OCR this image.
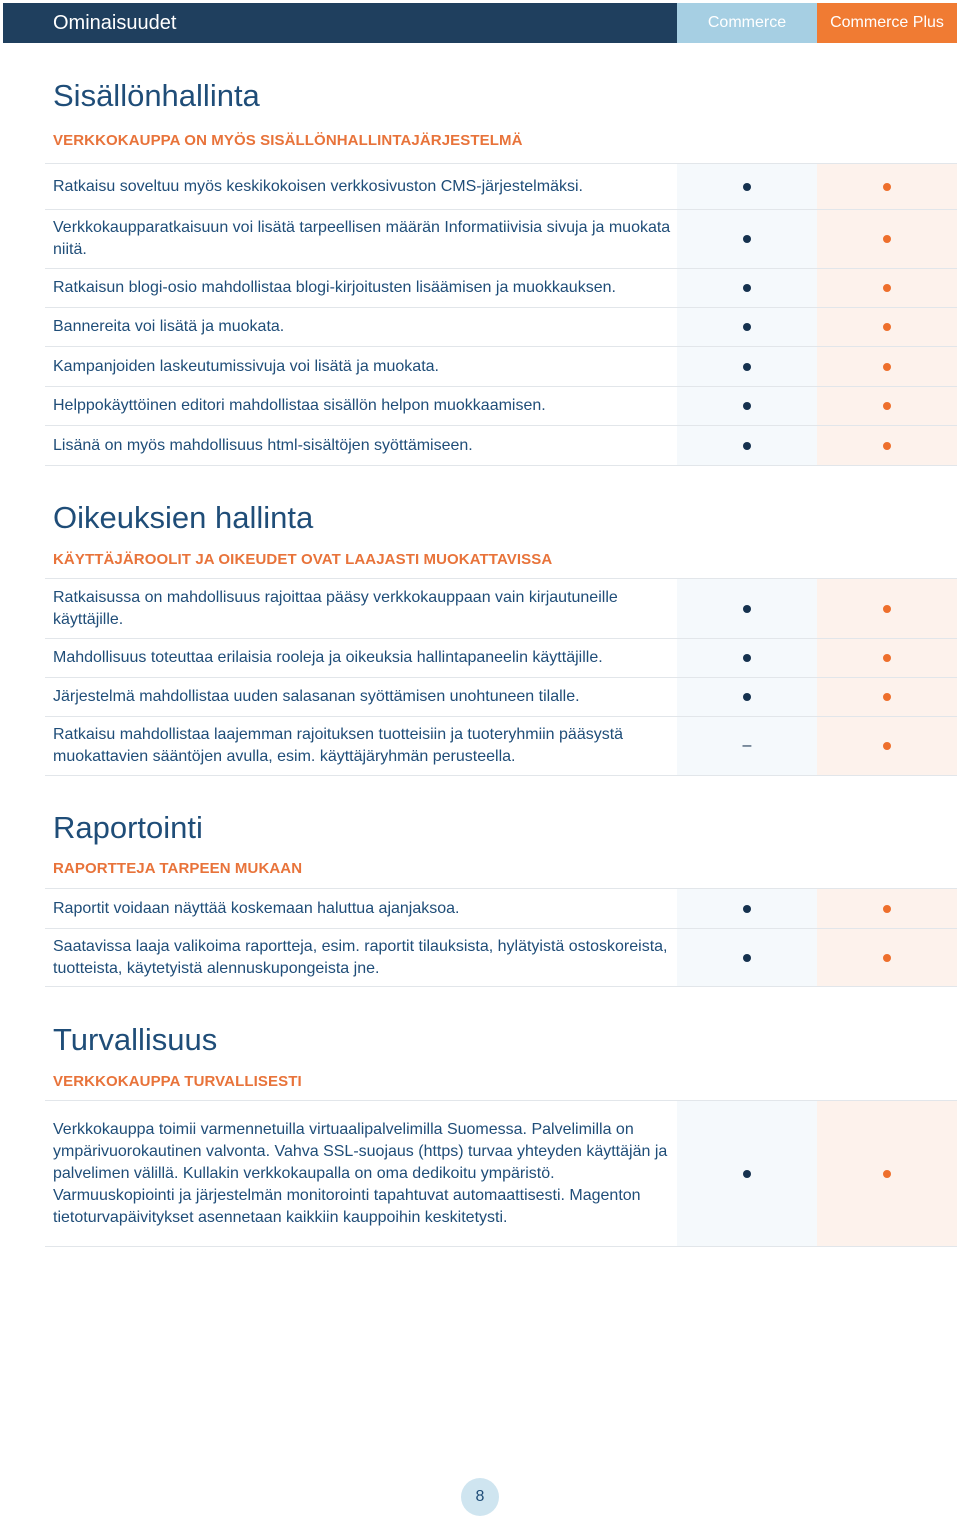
Ominaisuudet	Commerce	Commerce Plus
Sisällönhallinta
VERKKOKAUPPA ON MYÖS SISÄLLÖNHALLINTAJÄRJESTELMÄ
Ratkaisu soveltuu myös keskikokoisen verkkosivuston CMS-järjestelmäksi.
Verkkokaupparatkaisuun voi lisätä tarpeellisen määrän Informatiivisia sivuja ja muokata niitä.
Ratkaisun blogi-osio mahdollistaa blogi-kirjoitusten lisäämisen ja muokkauksen.
Bannereita voi lisätä ja muokata.
Kampanjoiden laskeutumissivuja voi lisätä ja muokata.
Helppokäyttöinen editori mahdollistaa sisällön helpon muokkaamisen.
Lisänä on myös mahdollisuus html-sisältöjen syöttämiseen.
Oikeuksien hallinta
KÄYTTÄJÄROOLIT JA OIKEUDET OVAT LAAJASTI MUOKATTAVISSA
Ratkaisussa on mahdollisuus rajoittaa pääsy verkkokauppaan vain kirjautuneille käyttäjille.
Mahdollisuus toteuttaa erilaisia rooleja ja oikeuksia hallintapaneelin käyttäjille.
Järjestelmä mahdollistaa uuden salasanan syöttämisen unohtuneen tilalle.
Ratkaisu mahdollistaa laajemman rajoituksen tuotteisiin ja tuoteryhmiin pääsystä muokattavien sääntöjen avulla, esim. käyttäjäryhmän perusteella.
–
Raportointi
RAPORTTEJA TARPEEN MUKAAN
Raportit voidaan näyttää koskemaan haluttua ajanjaksoa.
Saatavissa laaja valikoima raportteja, esim. raportit tilauksista, hylätyistä ostoskoreista, tuotteista, käytetyistä alennuskupongeista jne.
Turvallisuus
VERKKOKAUPPA TURVALLISESTI
Verkkokauppa toimii varmennetuilla virtuaalipalvelimilla Suomessa. Palvelimilla on ympärivuorokautinen valvonta. Vahva SSL-suojaus (https) turvaa yhteyden käyttäjän ja palvelimen välillä. Kullakin verkkokaupalla on oma dedikoitu ympäristö. Varmuuskopiointi ja järjestelmän monitorointi tapahtuvat automaattisesti. Magenton tietoturvapäivitykset asennetaan kaikkiin kauppoihin keskitetysti.
8
